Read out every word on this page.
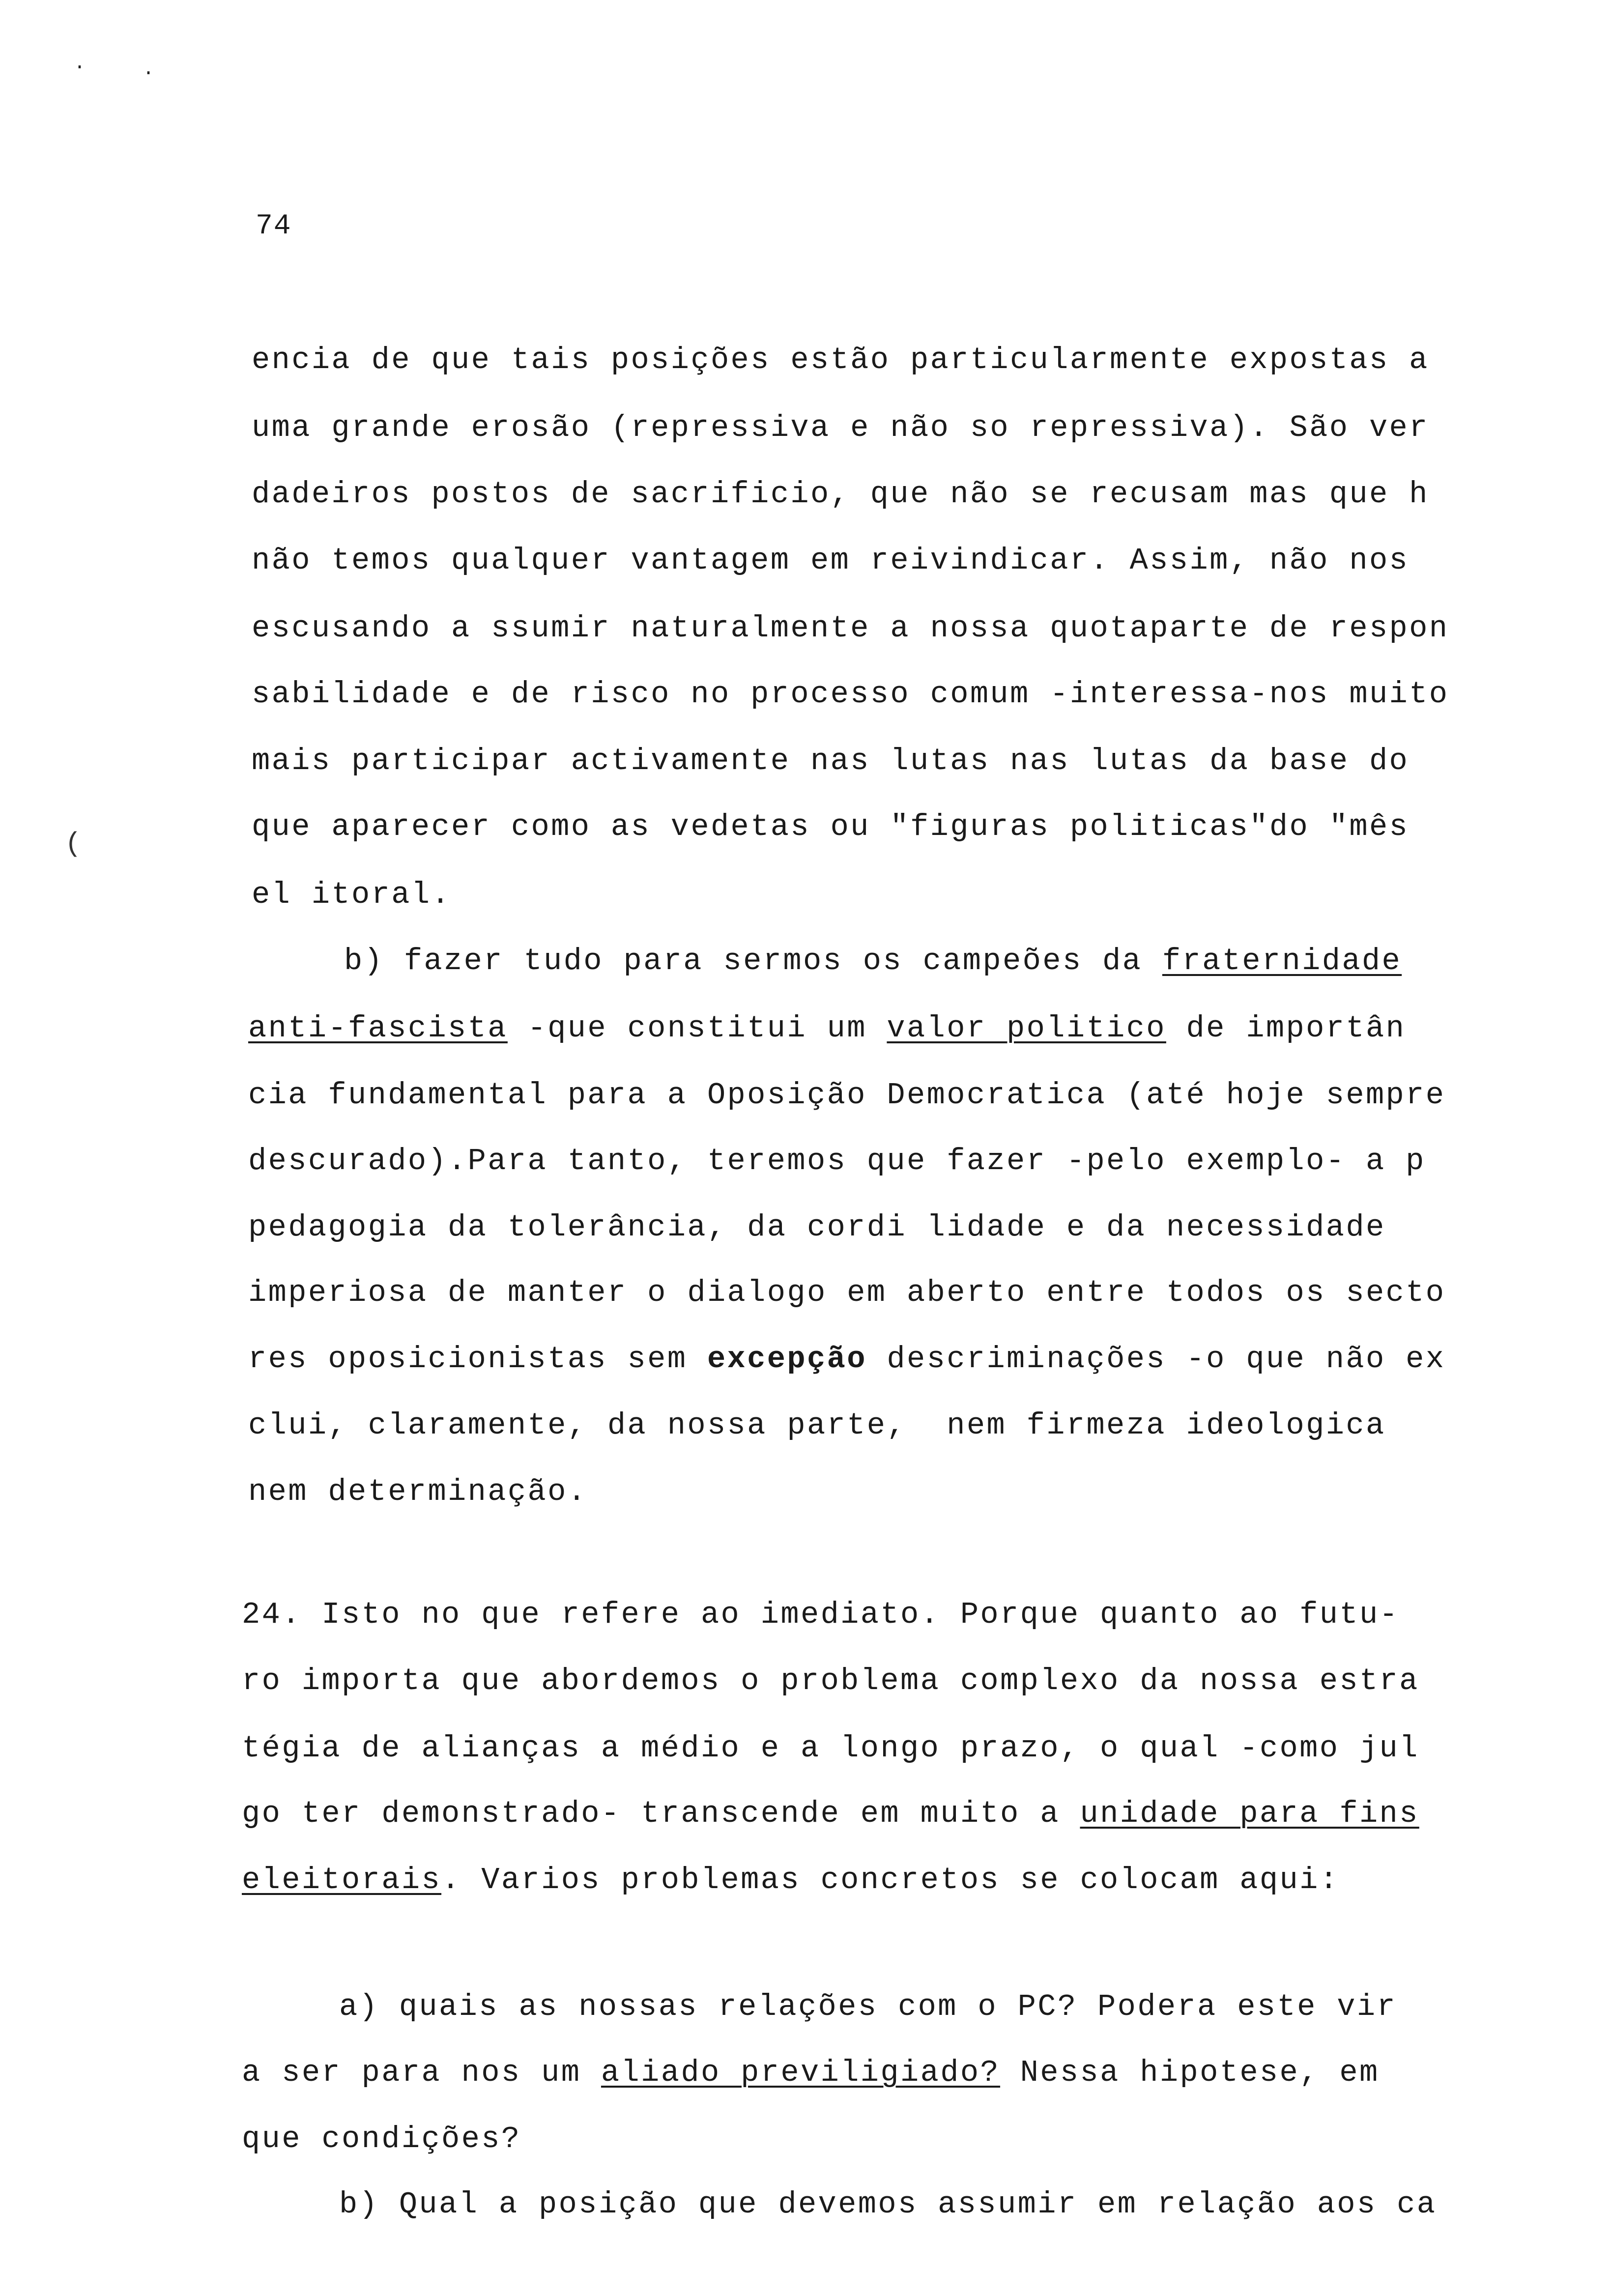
·	·
74
(
encia de que tais posições estão particularmente expostas a
uma grande erosão (repressiva e não so repressiva). São ver
dadeiros postos de sacrificio, que não se recusam mas que h
não temos qualquer vantagem em reivindicar. Assim, não nos
escusando a ssumir naturalmente a nossa quotaparte de respon
sabilidade e de risco no processo comum -interessa-nos muito
mais participar activamente nas lutas nas lutas da base do
que aparecer como as vedetas ou "figuras politicas"do "mês
el itoral.
b) fazer tudo para sermos os campeões da fraternidade
anti-fascista -que constitui um valor politico de importân
cia fundamental para a Oposição Democratica (até hoje sempre
descurado).Para tanto, teremos que fazer -pelo exemplo- a p
pedagogia da tolerância, da cordi lidade e da necessidade
imperiosa de manter o dialogo em aberto entre todos os secto
res oposicionistas sem excepção descriminações -o que não ex
clui, claramente, da nossa parte,  nem firmeza ideologica
nem determinação.
24. Isto no que refere ao imediato. Porque quanto ao futu-
ro importa que abordemos o problema complexo da nossa estra
tégia de alianças a médio e a longo prazo, o qual -como jul
go ter demonstrado- transcende em muito a unidade para fins
eleitorais. Varios problemas concretos se colocam aqui:
a) quais as nossas relações com o PC? Podera este vir
a ser para nos um aliado previligiado? Nessa hipotese, em
que condições?
b) Qual a posição que devemos assumir em relação aos ca
